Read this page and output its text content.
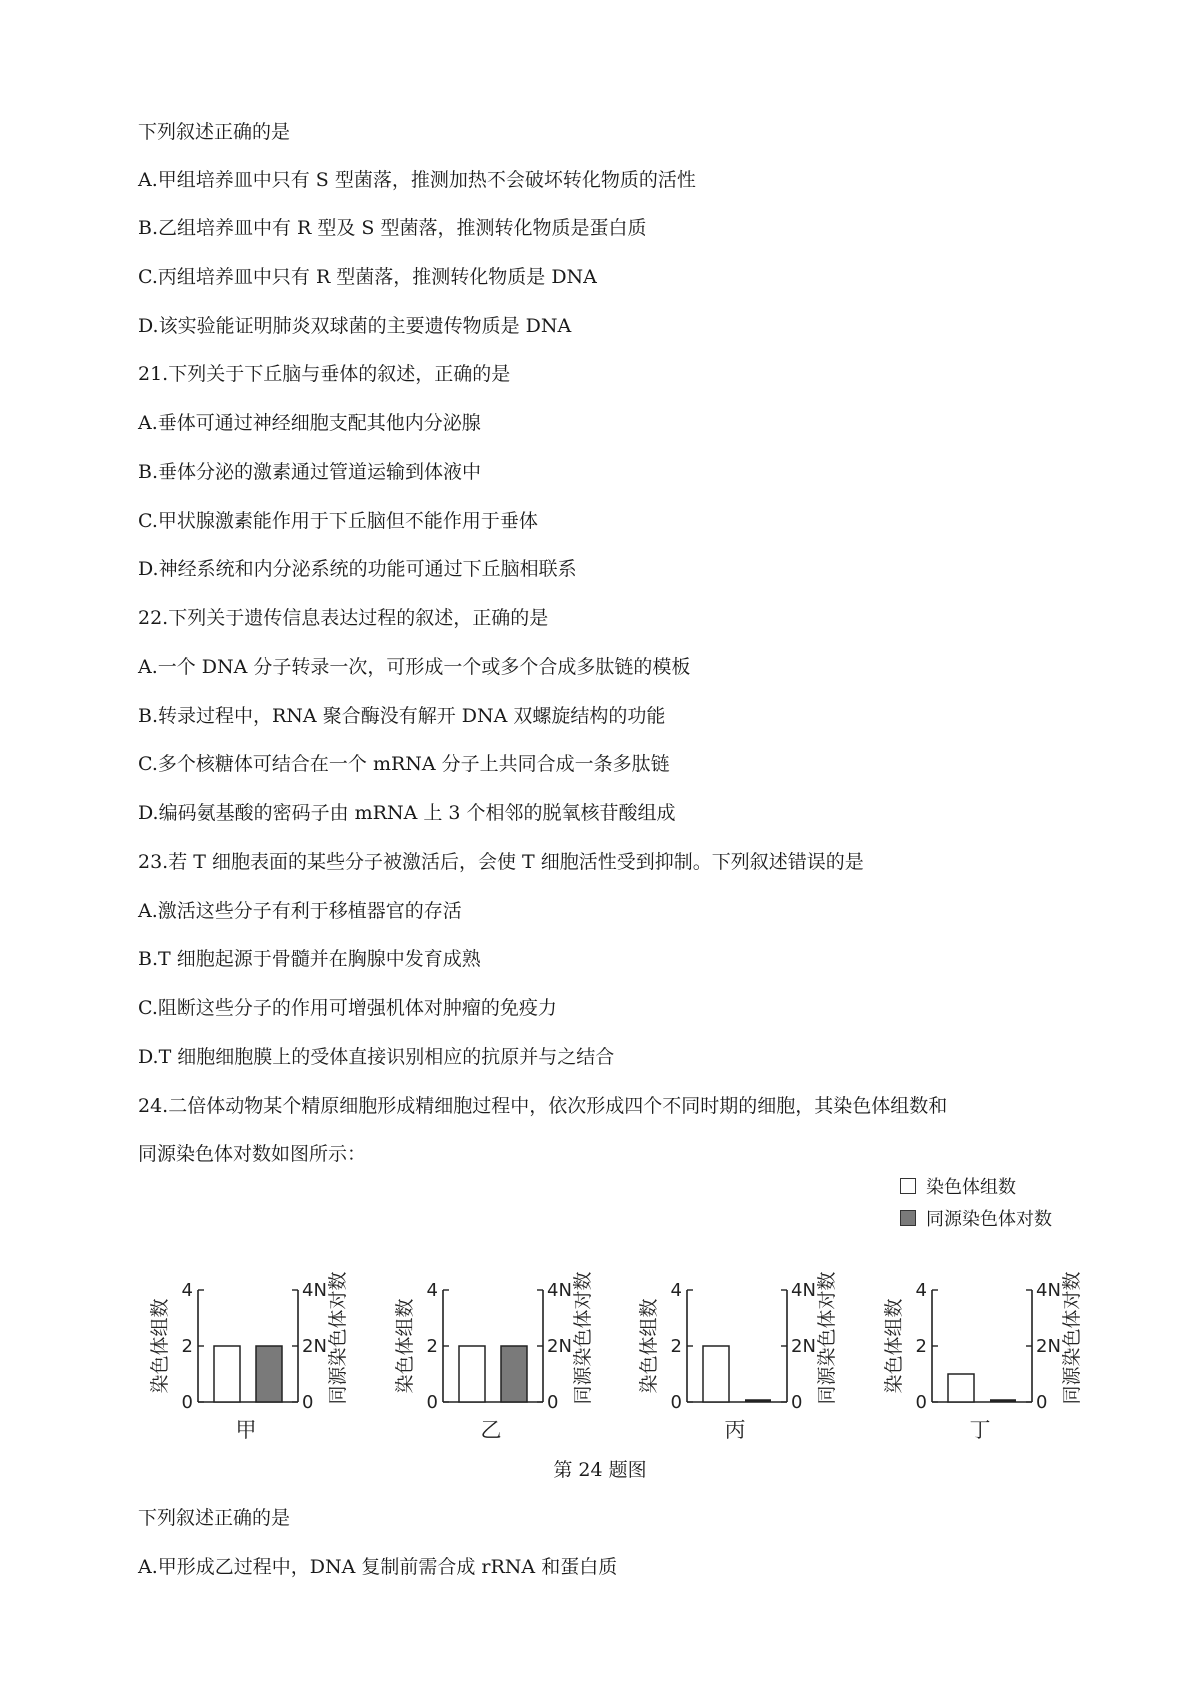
下列叙述正确的是
A.甲组培养皿中只有 S 型菌落，推测加热不会破坏转化物质的活性
B.乙组培养皿中有 R 型及 S 型菌落，推测转化物质是蛋白质
C.丙组培养皿中只有 R 型菌落，推测转化物质是 DNA
D.该实验能证明肺炎双球菌的主要遗传物质是 DNA
21.下列关于下丘脑与垂体的叙述，正确的是
A.垂体可通过神经细胞支配其他内分泌腺
B.垂体分泌的激素通过管道运输到体液中
C.甲状腺激素能作用于下丘脑但不能作用于垂体
D.神经系统和内分泌系统的功能可通过下丘脑相联系
22.下列关于遗传信息表达过程的叙述，正确的是
A.一个 DNA 分子转录一次，可形成一个或多个合成多肽链的模板
B.转录过程中，RNA 聚合酶没有解开 DNA 双螺旋结构的功能
C.多个核糖体可结合在一个 mRNA 分子上共同合成一条多肽链
D.编码氨基酸的密码子由 mRNA 上 3 个相邻的脱氧核苷酸组成
23.若 T 细胞表面的某些分子被激活后，会使 T 细胞活性受到抑制。下列叙述错误的是
A.激活这些分子有利于移植器官的存活
B.T 细胞起源于骨髓并在胸腺中发育成熟
C.阻断这些分子的作用可增强机体对肿瘤的免疫力
D.T 细胞细胞膜上的受体直接识别相应的抗原并与之结合
24.二倍体动物某个精原细胞形成精细胞过程中，依次形成四个不同时期的细胞，其染色体组数和
同源染色体对数如图所示：
染色体组数
同源染色体对数
0	0
2	2N
4	4N
染色体组数	同源染色体对数
甲
0	0
2	2N
4	4N
染色体组数	同源染色体对数
乙
0	0
2	2N
4	4N
染色体组数	同源染色体对数
丙
0	0
2	2N
4	4N
染色体组数	同源染色体对数
丁
第 24 题图
下列叙述正确的是
A.甲形成乙过程中，DNA 复制前需合成 rRNA 和蛋白质
